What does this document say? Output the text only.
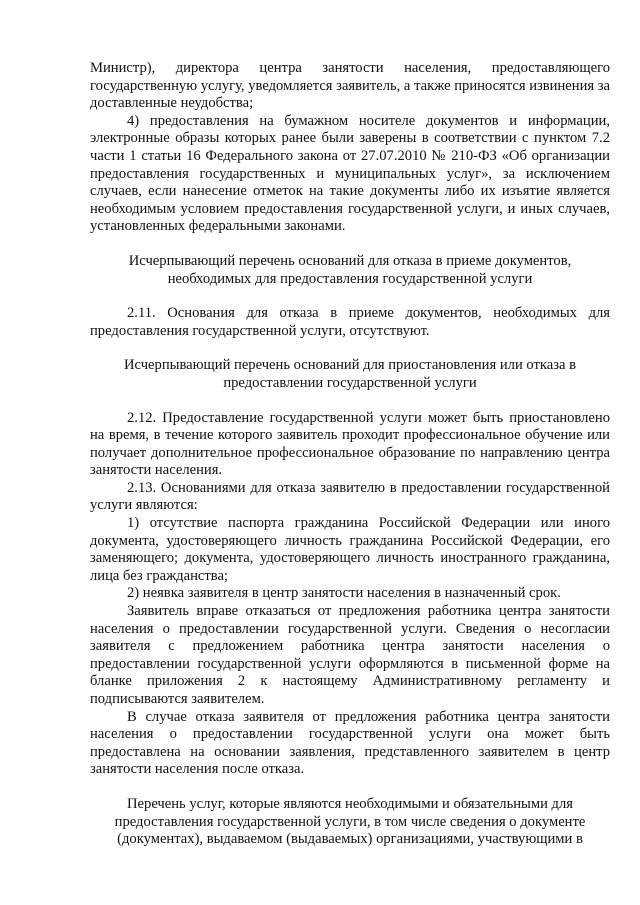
Министр), директора центра занятости населения, предоставляющего государственную услугу, уведомляется заявитель, а также приносятся извинения за доставленные неудобства;

4) предоставления на бумажном носителе документов и информации, электронные образы которых ранее были заверены в соответствии с пунктом 7.2 части 1 статьи 16 Федерального закона от 27.07.2010 № 210-ФЗ «Об организации предоставления государственных и муниципальных услуг», за исключением случаев, если нанесение отметок на такие документы либо их изъятие является необходимым условием предоставления государственной услуги, и иных случаев, установленных федеральными законами.

Исчерпывающий перечень оснований для отказа в приеме документов, необходимых для предоставления государственной услуги

2.11. Основания для отказа в приеме документов, необходимых для предоставления государственной услуги, отсутствуют.

Исчерпывающий перечень оснований для приостановления или отказа в предоставлении государственной услуги

2.12. Предоставление государственной услуги может быть приостановлено на время, в течение которого заявитель проходит профессиональное обучение или получает дополнительное профессиональное образование по направлению центра занятости населения.

2.13. Основаниями для отказа заявителю в предоставлении государственной услуги являются:

1) отсутствие паспорта гражданина Российской Федерации или иного документа, удостоверяющего личность гражданина Российской Федерации, его заменяющего; документа, удостоверяющего личность иностранного гражданина, лица без гражданства;

2) неявка заявителя в центр занятости населения в назначенный срок.

Заявитель вправе отказаться от предложения работника центра занятости населения о предоставлении государственной услуги. Сведения о несогласии заявителя с предложением работника центра занятости населения о предоставлении государственной услуги оформляются в письменной форме на бланке приложения 2 к настоящему Административному регламенту и подписываются заявителем.

В случае отказа заявителя от предложения работника центра занятости населения о предоставлении государственной услуги она может быть предоставлена на основании заявления, представленного заявителем в центр занятости населения после отказа.

Перечень услуг, которые являются необходимыми и обязательными для предоставления государственной услуги, в том числе сведения о документе (документах), выдаваемом (выдаваемых) организациями, участвующими в
